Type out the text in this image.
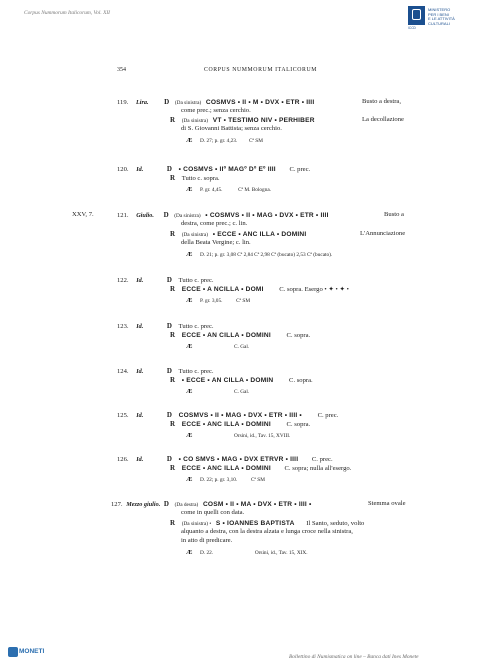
Corpus Nummorum Italicorum, Vol. XII
ICCD
MINISTERO
PER I BENI
E LE ATTIVITÀ
CULTURALI
354	CORPUS NUMMORUM ITALICORUM
119. Lira. D (Da sinistra) COSMVS • II • M • DVX • ETR • IIII	Busto a destra,
come prec.; senza cerchio.
R (Da sinistra) VT • TESTIMO NIV • PERHIBER	La decollazione
di S. Giovanni Battista; senza cerchio.
Æ D. 27; p. gr. 4,23. Cª SM
120. Id.	D • COSMVS • IIº MAGº Dº Eº IIII C. prec.
R Tutto c. sopra.
Æ P. gr. 4,45.	Cª M. Bologna.
XXV, 7.	121. Giulio. D (Da sinistra) • COSMVS • II • MAG • DVX • ETR • IIII	Busto a
destra, come prec.; c. lin.
R (Da sinistra) • ECCE • ANC ILLA • DOMINI	L'Annunciazione
della Beata Vergine; c. lin.
Æ D. 21; p. gr. 3,08 Cª 2,84 Cª 2,98 Cª (bucato) 2,53 Cª (bucato).
122. Id.	D Tutto c. prec.
R ECCE • A NCILLA • DOMI C. sopra. Esergo • ✦ • ✦ •
Æ P. gr. 3,05.	Cª SM
123. Id.	D Tutto c. prec.
R ECCE • AN CILLA • DOMINI C. sopra.
Æ	C. Gal.
124. Id.	D Tutto c. prec.
R • ECCE • AN CILLA • DOMIN C. sopra.
Æ	C. Gal.
125. Id.	D COSMVS • II • MAG • DVX • ETR • IIII • C. prec.
R ECCE • ANC ILLA • DOMINI C. sopra.
Æ	Orsini, id., Tav. 15, XVIII.
126. Id.	D • CO SMVS • MAG • DVX ETRVR • IIII C. prec.
R ECCE • ANC ILLA • DOMINI C. sopra; nulla all'esergo.
Æ D. 22; p. gr. 3,10.	Cª SM
127. Mezzo giulio. D (Da destra) COSM • II • MA • DVX • ETR • IIII •	Stemma ovale
come in quelli con data.
R (Da sinistra) • S • IOANNES BAPTISTA Il Santo, seduto, volto
alquanto a destra, con la destra alzata e lunga croce nella sinistra,
in atto di predicare.
Æ D. 22.	Orsini, id., Tav. 15, XIX.
MONETI
Bollettino di Numismatica on line – Banca dati Ines Monete
